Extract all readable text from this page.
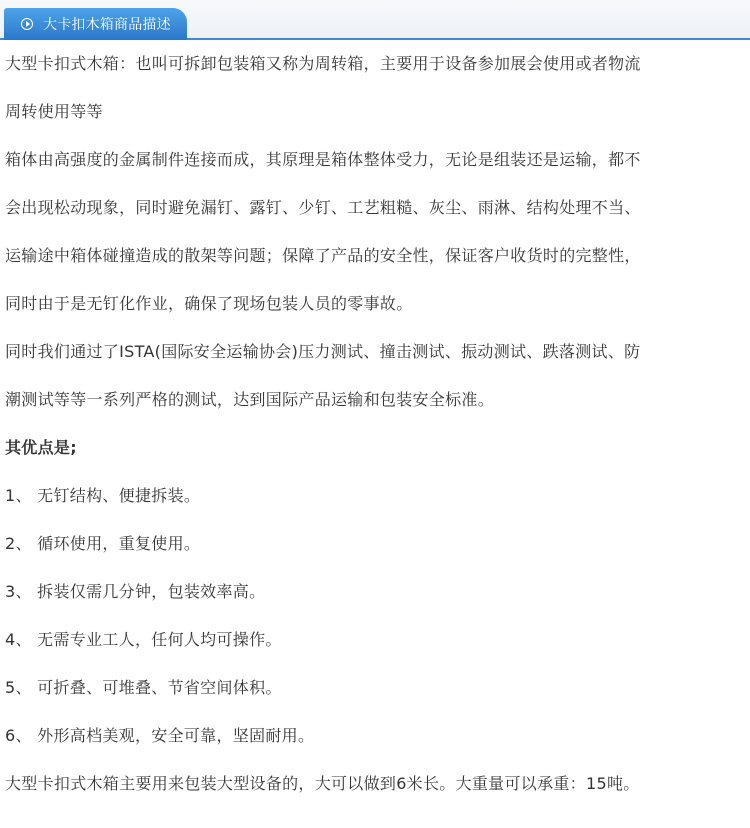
大卡扣木箱商品描述
大型卡扣式木箱：也叫可拆卸包装箱又称为周转箱，主要用于设备参加展会使用或者物流
周转使用等等
箱体由高强度的金属制件连接而成，其原理是箱体整体受力，无论是组装还是运输，都不
会出现松动现象，同时避免漏钉、露钉、少钉、工艺粗糙、灰尘、雨淋、结构处理不当、
运输途中箱体碰撞造成的散架等问题；保障了产品的安全性，保证客户收货时的完整性，
同时由于是无钉化作业，确保了现场包装人员的零事故。
同时我们通过了ISTA(国际安全运输协会)压力测试、撞击测试、振动测试、跌落测试、防
潮测试等等一系列严格的测试，达到国际产品运输和包装安全标准。
其优点是;
1、 无钉结构、便捷拆装。
2、 循环使用，重复使用。
3、 拆装仅需几分钟，包装效率高。
4、 无需专业工人，任何人均可操作。
5、 可折叠、可堆叠、节省空间体积。
6、 外形高档美观，安全可靠，坚固耐用。
大型卡扣式木箱主要用来包装大型设备的，大可以做到6米长。大重量可以承重：15吨。
